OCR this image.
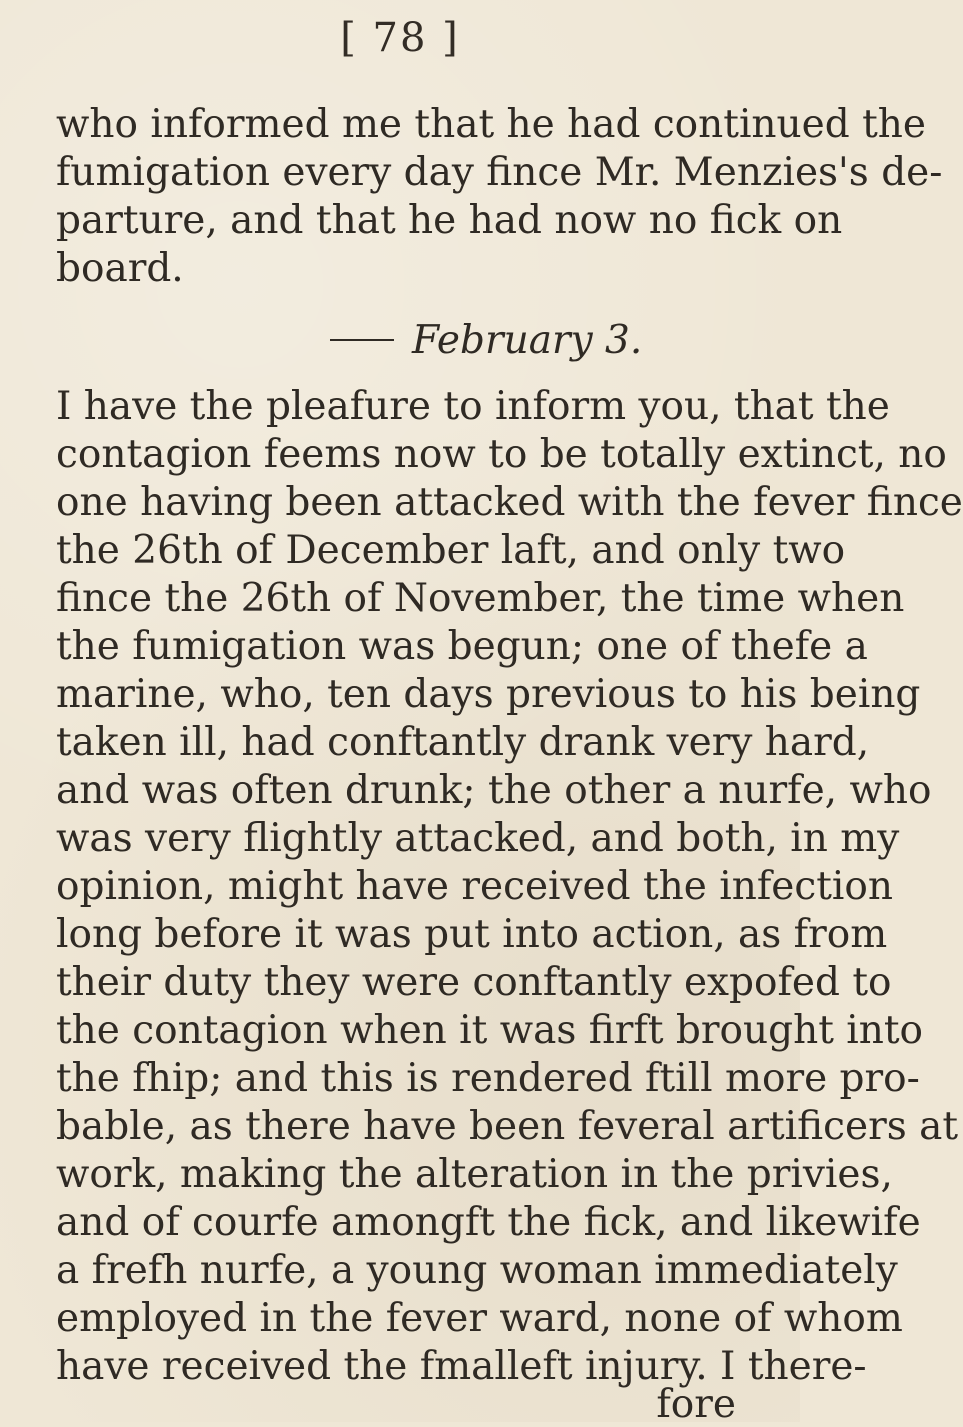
[ 78 ]
who informed me that he had continued the
fumigation every day fince Mr. Menzies's de-
parture, and that he had now no fick on
board.
February 3.
I have the pleafure to inform you, that the
contagion feems now to be totally extinct, no
one having been attacked with the fever fince
the 26th of December laft, and only two
fince the 26th of November, the time when
the fumigation was begun; one of thefe a
marine, who, ten days previous to his being
taken ill, had conftantly drank very hard,
and was often drunk; the other a nurfe, who
was very flightly attacked, and both, in my
opinion, might have received the infection
long before it was put into action, as from
their duty they were conftantly expofed to
the contagion when it was firft brought into
the fhip; and this is rendered ftill more pro-
bable, as there have been feveral artificers at
work, making the alteration in the privies,
and of courfe amongft the fick, and likewife
a frefh nurfe, a young woman immediately
employed in the fever ward, none of whom
have received the fmalleft injury. I there-
fore
